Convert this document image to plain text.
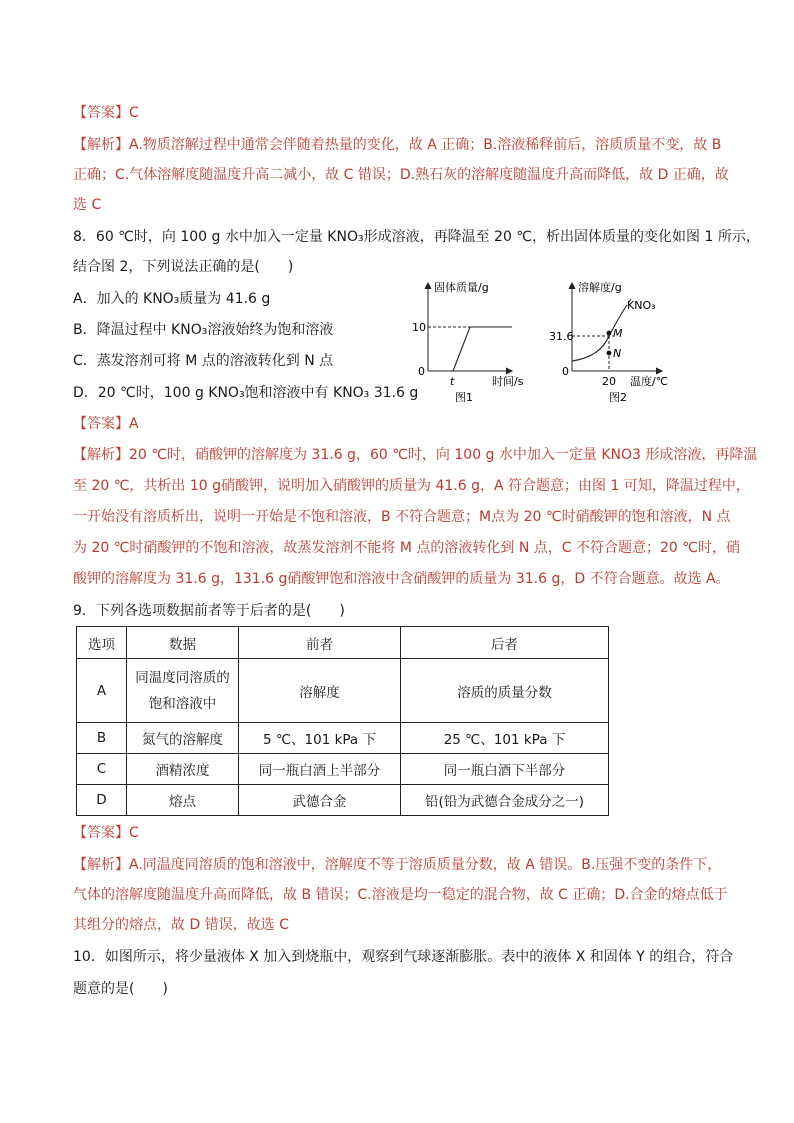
【答案】C
【解析】A.物质溶解过程中通常会伴随着热量的变化，故 A 正确；B.溶液稀释前后，溶质质量不变，故 B
正确；C.气体溶解度随温度升高二减小，故 C 错误；D.熟石灰的溶解度随温度升高而降低，故 D 正确，故
选 C
8．60 ℃时，向 100 g 水中加入一定量 KNO₃形成溶液，再降温至 20 ℃，析出固体质量的变化如图 1 所示，
结合图 2，下列说法正确的是(　　)
A．加入的 KNO₃质量为 41.6 g
B．降温过程中 KNO₃溶液始终为饱和溶液
C．蒸发溶剂可将 M 点的溶液转化到 N 点
D．20 ℃时，100 g KNO₃饱和溶液中有 KNO₃ 31.6 g
固体质量/g
10
0
t	时间/s
图1
溶解度/g
KNO₃
31.6	M
N
0
20 温度/℃
图2
【答案】A
【解析】20 ℃时，硝酸钾的溶解度为 31.6 g，60 ℃时，向 100 g 水中加入一定量 KNO3 形成溶液，再降温
至 20 ℃，共析出 10 g硝酸钾，说明加入硝酸钾的质量为 41.6 g，A 符合题意；由图 1 可知，降温过程中，
一开始没有溶质析出，说明一开始是不饱和溶液，B 不符合题意；M点为 20 ℃时硝酸钾的饱和溶液，N 点
为 20 ℃时硝酸钾的不饱和溶液，故蒸发溶剂不能将 M 点的溶液转化到 N 点，C 不符合题意；20 ℃时，硝
酸钾的溶解度为 31.6 g，131.6 g硝酸钾饱和溶液中含硝酸钾的质量为 31.6 g，D 不符合题意。故选 A。
9．下列各选项数据前者等于后者的是(　　)
选项	数据	前者	后者
A	同温度同溶质的
饱和溶液中	溶解度	溶质的质量分数
B	氮气的溶解度	5 ℃、101 kPa 下	25 ℃、101 kPa 下
C	酒精浓度	同一瓶白酒上半部分	同一瓶白酒下半部分
D	熔点	武德合金	铅(铅为武德合金成分之一)
【答案】C
【解析】A.同温度同溶质的饱和溶液中，溶解度不等于溶质质量分数，故 A 错误。B.压强不变的条件下，
气体的溶解度随温度升高而降低，故 B 错误；C.溶液是均一稳定的混合物，故 C 正确；D.合金的熔点低于
其组分的熔点，故 D 错误，故选 C
10．如图所示，将少量液体 X 加入到烧瓶中，观察到气球逐渐膨胀。表中的液体 X 和固体 Y 的组合，符合
题意的是(　　)
